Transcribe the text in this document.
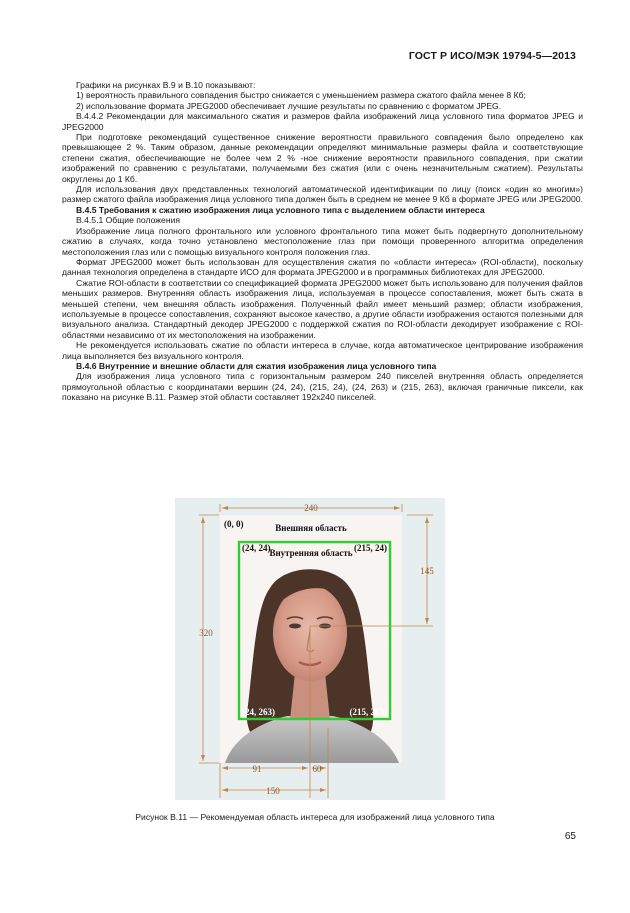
ГОСТ Р ИСО/МЭК 19794-5—2013

Графики на рисунках В.9 и В.10 показывают:

1) вероятность правильного совпадения быстро снижается с уменьшением размера сжатого файла менее 8 Кб;

2) использование формата JPEG2000 обеспечивает лучшие результаты по сравнению с форматом JPEG.

В.4.4.2 Рекомендации для максимального сжатия и размеров файла изображений лица условного типа форматов JPEG и JPEG2000

При подготовке рекомендаций существенное снижение вероятности правильного совпадения было определено как превышающее 2 %. Таким образом, данные рекомендации определяют минимальные размеры файла и соответствующие степени сжатия, обеспечивающие не более чем 2 % -ное снижение вероятности правильного совпадения, при сжатии изображений по сравнению с результатами, получаемыми без сжатия (или с очень незначительным сжатием). Результаты округлены до 1 Кб.

Для использования двух представленных технологий автоматической идентификации по лицу (поиск «один ко многим») размер сжатого файла изображения лица условного типа должен быть в среднем не менее 9 Кб в формате JPEG или JPEG2000.

В.4.5 Требования к сжатию изображения лица условного типа с выделением области интереса

В.4.5.1 Общие положения

Изображение лица полного фронтального или условного фронтального типа может быть подвергнуто дополнительному сжатию в случаях, когда точно установлено местоположение глаз при помощи проверенного алгоритма определения местоположения глаз или с помощью визуального контроля положения глаз.

Формат JPEG2000 может быть использован для осуществления сжатия по «области интереса» (ROI-области), поскольку данная технология определена в стандарте ИСО для формата JPEG2000 и в программных библиотеках для JPEG2000.

Сжатие ROI-области в соответствии со спецификацией формата JPEG2000 может быть использовано для получения файлов меньших размеров. Внутренняя область изображения лица, используемая в процессе сопоставления, может быть сжата в меньшей степени, чем внешняя область изображения. Полученный файл имеет меньший размер; области изображения, используемые в процессе сопоставления, сохраняют высокое качество, а другие области изображения остаются полезными для визуального анализа. Стандартный декодер JPEG2000 с поддержкой сжатия по ROI-области декодирует изображение с ROI-областями независимо от их местоположения на изображении.

Не рекомендуется использовать сжатие по области интереса в случае, когда автоматическое центрирование изображения лица выполняется без визуального контроля.

В.4.6 Внутренние и внешние области для сжатия изображения лица условного типа

Для изображения лица условного типа с горизонтальным размером 240 пикселей внутренняя область определяется прямоугольной областью с координатами вершин (24, 24), (215, 24), (24, 263) и (215, 263), включая граничные пиксели, как показано на рисунке В.11. Размер этой области составляет 192x240 пикселей.

240
320
145
91	60
150
(0, 0)	Внешняя область
(24, 24)	(215, 24)
Внутренняя область
(24, 263)	(215, 263)
Рисунок В.11 — Рекомендуемая область интереса для изображений лица условного типа
65
